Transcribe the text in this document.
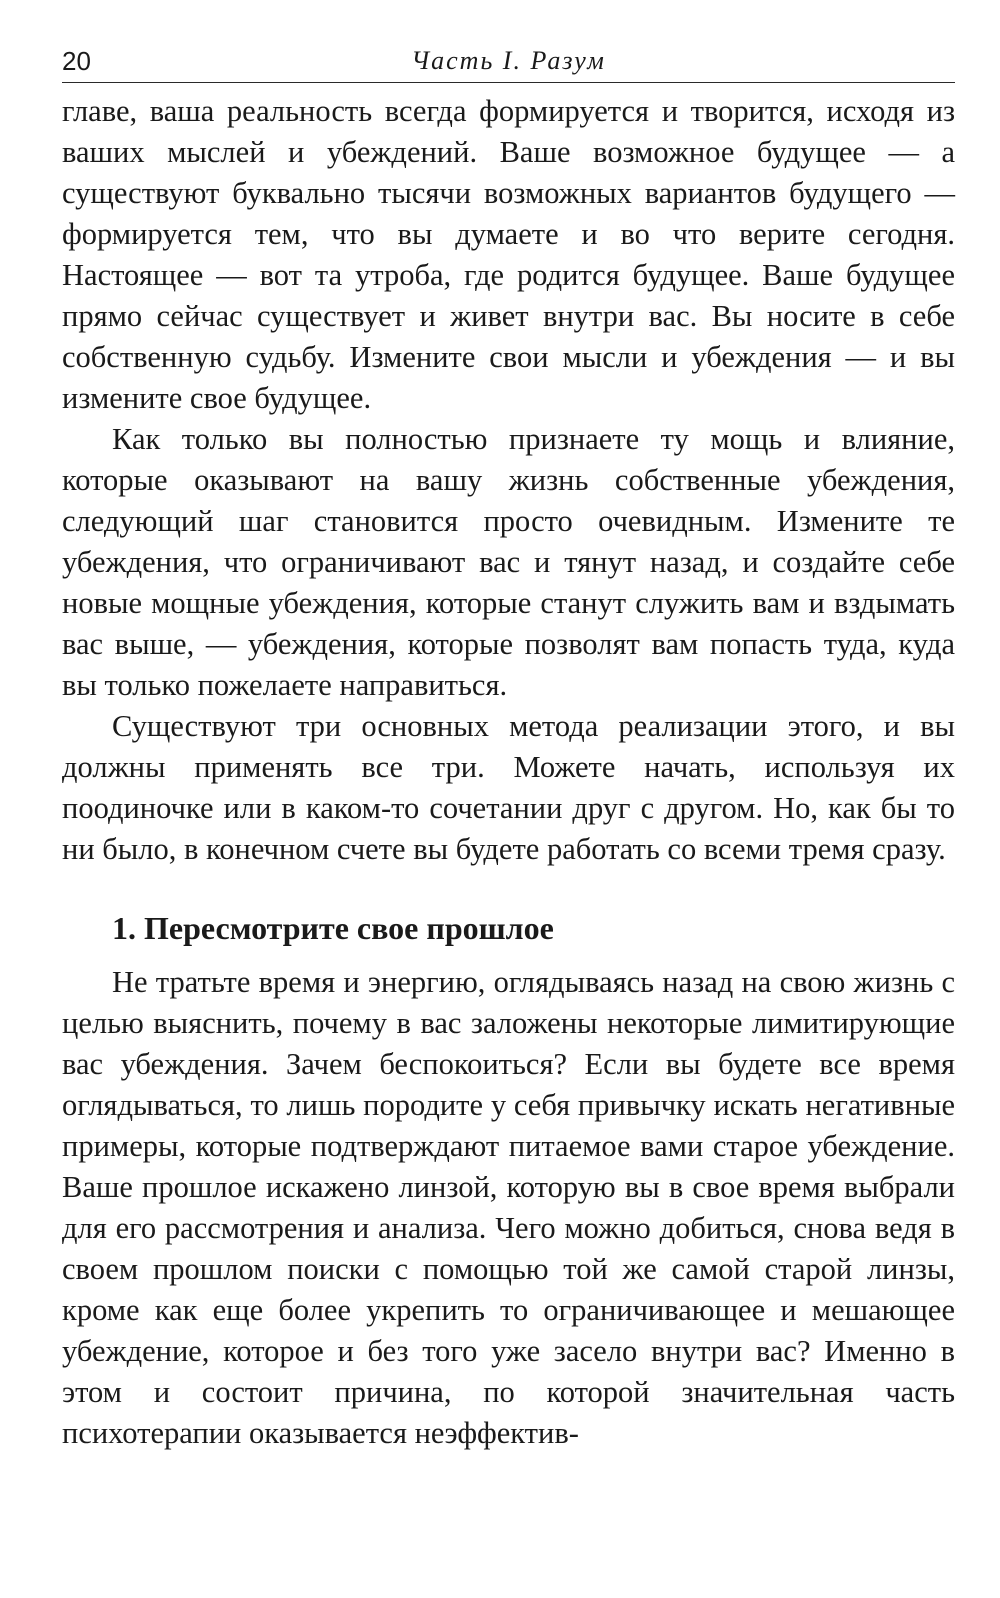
20	Часть I. Разум

главе, ваша реальность всегда формируется и творится, исходя из ваших мыслей и убеждений. Ваше возможное будущее — а существуют буквально тысячи возможных вариантов будущего — формируется тем, что вы думаете и во что верите сегодня. Настоящее — вот та утроба, где родится будущее. Ваше будущее прямо сейчас существует и живет внутри вас. Вы носите в себе собственную судьбу. Измените свои мысли и убеждения — и вы измените свое будущее.

Как только вы полностью признаете ту мощь и влияние, которые оказывают на вашу жизнь собственные убеждения, следующий шаг становится просто очевидным. Измените те убеждения, что ограничивают вас и тянут назад, и создайте себе новые мощные убеждения, которые станут служить вам и вздымать вас выше, — убеждения, которые позволят вам попасть туда, куда вы только пожелаете направиться.

Существуют три основных метода реализации этого, и вы должны применять все три. Можете начать, используя их поодиночке или в каком-то сочетании друг с другом. Но, как бы то ни было, в конечном счете вы будете работать со всеми тремя сразу.

1. Пересмотрите свое прошлое

Не тратьте время и энергию, оглядываясь назад на свою жизнь с целью выяснить, почему в вас заложены некоторые лимитирующие вас убеждения. Зачем беспокоиться? Если вы будете все время оглядываться, то лишь породите у себя привычку искать негативные примеры, которые подтверждают питаемое вами старое убеждение. Ваше прошлое искажено линзой, которую вы в свое время выбрали для его рассмотрения и анализа. Чего можно добиться, снова ведя в своем прошлом поиски с помощью той же самой старой линзы, кроме как еще более укрепить то ограничивающее и мешающее убеждение, которое и без того уже засело внутри вас? Именно в этом и состоит причина, по которой значительная часть психотерапии оказывается неэффектив-
